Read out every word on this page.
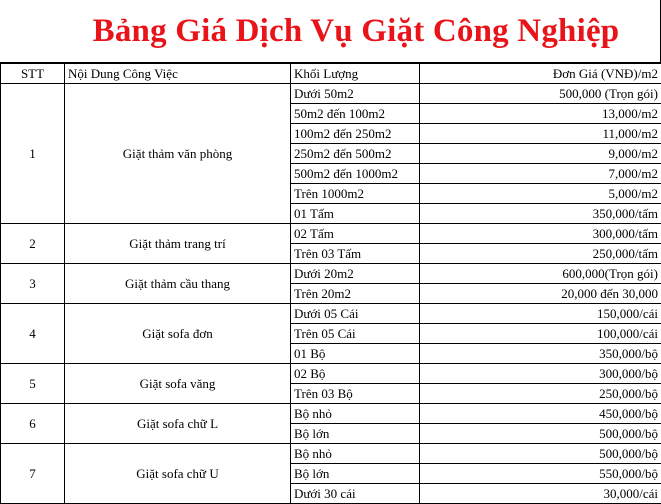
Bảng Giá Dịch Vụ Giặt Công Nghiệp
STT	Nội Dung Công Việc	Khối Lượng	Đơn Giá (VNĐ)/m2
1	Giặt thảm văn phòng	Dưới 50m2	500,000 (Trọn gói)
		50m2 đến 100m2	13,000/m2
		100m2 đến 250m2	11,000/m2
		250m2 đến 500m2	9,000/m2
		500m2 đến 1000m2	7,000/m2
		Trên 1000m2	5,000/m2
		01 Tấm	350,000/tấm
2	Giặt thảm trang trí	02 Tấm	300,000/tấm
		Trên 03 Tấm	250,000/tấm
3	Giặt thảm cầu thang	Dưới 20m2	600,000(Trọn gói)
		Trên 20m2	20,000 đến 30,000
4	Giặt sofa đơn	Dưới 05 Cái	150,000/cái
		Trên 05 Cái	100,000/cái
		01 Bộ	350,000/bộ
5	Giặt sofa văng	02 Bộ	300,000/bộ
		Trên 03 Bộ	250,000/bộ
6	Giặt sofa chữ L	Bộ nhỏ	450,000/bộ
		Bộ lớn	500,000/bộ
7	Giặt sofa chữ U	Bộ nhỏ	500,000/bộ
		Bộ lớn	550,000/bộ
		Dưới 30 cái	30,000/cái
